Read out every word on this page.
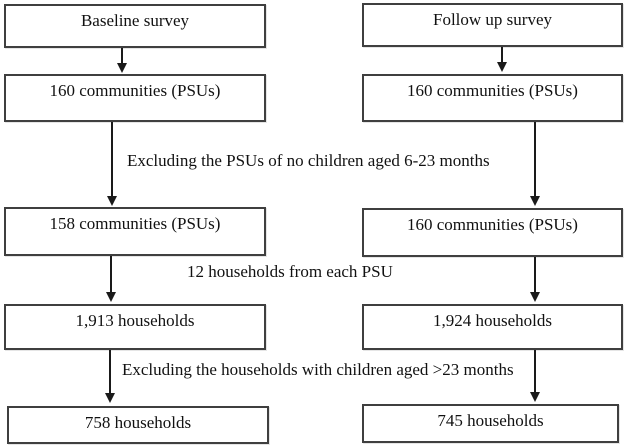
Baseline survey
160 communities (PSUs)
158 communities (PSUs)
1,913 households
758 households
Follow up survey
160 communities (PSUs)
160 communities (PSUs)
1,924 households
745 households
Excluding the PSUs of no children aged 6-23 months
12 households from each PSU
Excluding the households with children aged >23 months
